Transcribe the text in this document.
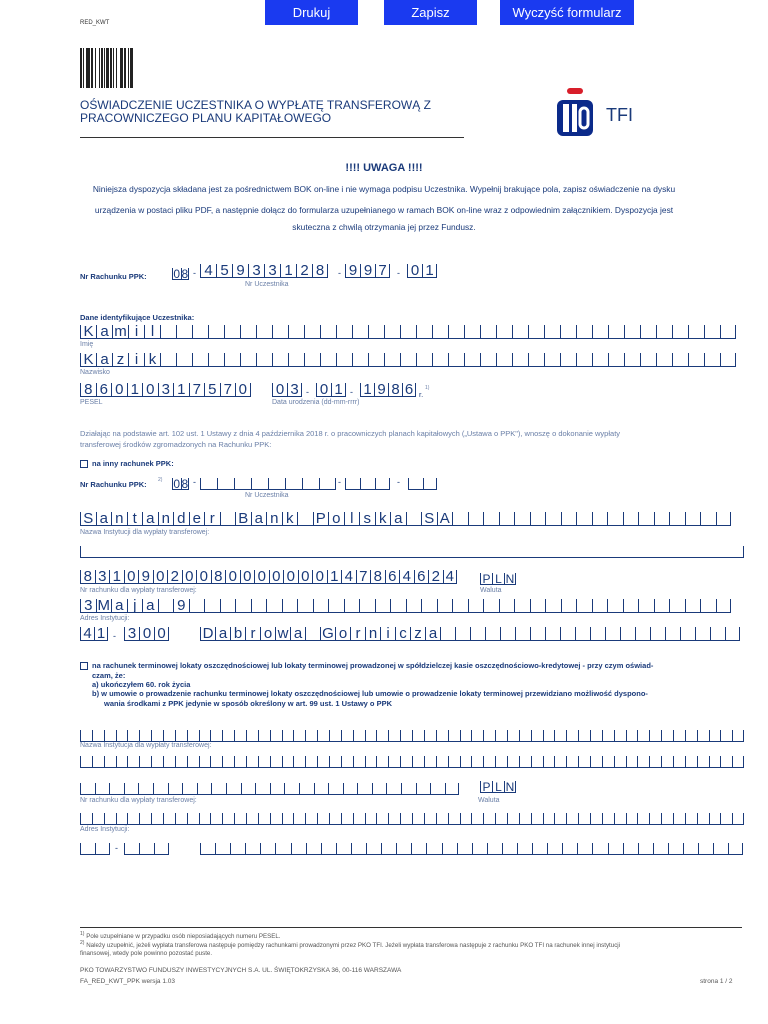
Drukuj	Zapisz	Wyczyść formularz
RED_KWT
OŚWIADCZENIE UCZESTNIKA O WYPŁATĘ TRANSFEROWĄ Z
PRACOWNICZEGO PLANU KAPITAŁOWEGO	TFI
!!!! UWAGA !!!!
Niniejsza dyspozycja składana jest za pośrednictwem BOK on-line i nie wymaga podpisu Uczestnika. Wypełnij brakujące pola, zapisz oświadczenie na dysku
urządzenia w postaci pliku PDF, a następnie dołącz do formularza uzupełnianego w ramach BOK on-line wraz z odpowiednim załącznikiem. Dyspozycja jest
skuteczna z chwilą otrzymania jej przez Fundusz.
Nr Rachunku PPK: 0 8 - 4 5 9 3 3 1 2 8	- 9 9 7	- 0 1
Nr Uczestnika
Dane identyfikujące Uczestnika:
K a m i l
Imię
K a z i k
Nazwisko
8 6 0 1 0 3 1 7 5 7 0
PESEL
0 3 - 0 1 - 1 9 8 6 r.
1)
Data urodzenia (dd-mm-rrrr)
Działając na podstawie art. 102 ust. 1 Ustawy z dnia 4 października 2018 r. o pracowniczych planach kapitałowych („Ustawa o PPK"), wnoszę o dokonanie wypłaty
transferowej środków zgromadzonych na Rachunku PPK:
na inny rachunek PPK:
Nr Rachunku PPK: 2) 0 8 -	-	-
Nr Uczestnika
S a n t a n d e r	B a n k P o l s k a S A
Nazwa Instytucji dla wypłaty transferowej:
8 3 1 0 9 0 2 0 0 8 0 0 0 0 0 0 0 1 4 7 8 6 4 6 2 4 P L N
Nr rachunku dla wypłaty transferowej:	Waluta
3 M a j a 9
Adres Instytucji:
4 1 - 3 0 0 D a b r o w a G o r n i c z a
na rachunek terminowej lokaty oszczędnościowej lub lokaty terminowej prowadzonej w spółdzielczej kasie oszczędnościowo-kredytowej - przy czym oświad-
czam, że:
a) ukończyłem 60. rok życia
b) w umowie o prowadzenie rachunku terminowej lokaty oszczędnościowej lub umowie o prowadzenie lokaty terminowej przewidziano możliwość dyspono-
wania środkami z PPK jedynie w sposób określony w art. 99 ust. 1 Ustawy o PPK
Nazwa Instytucja dla wypłaty transferowej:
P L N
Nr rachunku dla wypłaty transferowej:	Waluta
Adres Instytucji:
-
$^{1)}$ Pole uzupełniane w przypadku osób nieposiadających numeru PESEL.
$^{2)}$ Należy uzupełnić, jeżeli wypłata transferowa następuje pomiędzy rachunkami prowadzonymi przez PKO TFI. Jeżeli wypłata transferowa następuje z rachunku PKO TFI na rachunek innej instytucji
finansowej, wtedy pole powinno pozostać puste.
PKO TOWARZYSTWO FUNDUSZY INWESTYCYJNYCH S.A. UL. ŚWIĘTOKRZYSKA 36, 00-116 WARSZAWA
FA_RED_KWT_PPK wersja 1.03	strona 1 / 2
